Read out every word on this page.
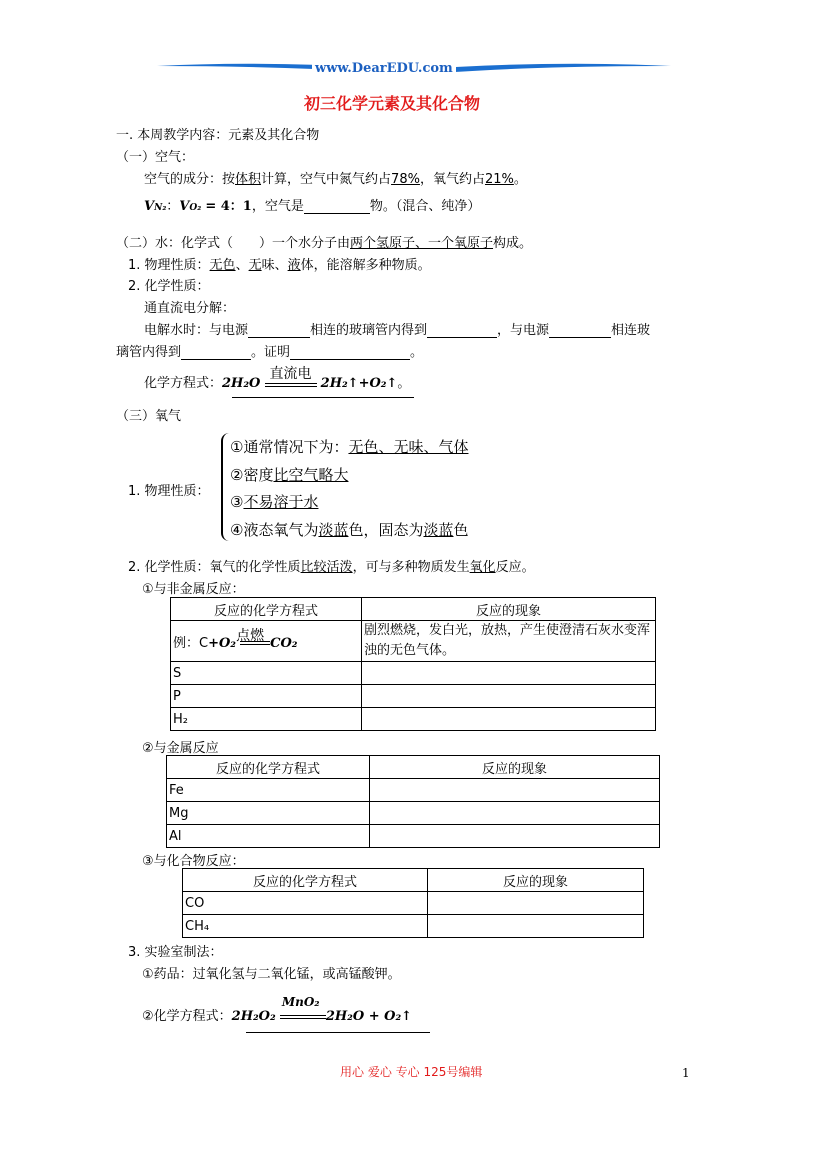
www.DearEDU.com
初三化学元素及其化合物
一. 本周教学内容：元素及其化合物
（一）空气：
空气的成分：按体积计算，空气中氮气约占78%，氧气约占21%。
VN₂：VO₂ = 4：1，空气是	物。（混合、纯净）
（二）水：化学式（　　）一个水分子由两个氢原子、一个氧原子构成。
1. 物理性质：无色、无味、液体，能溶解多种物质。
2. 化学性质：
通直流电分解：
电解水时：与电源	相连的玻璃管内得到	，与电源	相连玻
璃管内得到	。证明	。
化学方程式：2H₂O
直流电
2H₂↑+O₂↑。
（三）氧气
1. 物理性质：
①通常情况下为：无色、无味、气体
②密度比空气略大
③不易溶于水
④液态氧气为淡蓝色，固态为淡蓝色
2. 化学性质：氧气的化学性质比较活泼，可与多种物质发生氧化反应。
①与非金属反应：
反应的化学方程式	反应的现象
例：C+O₂ 点燃 CO₂	剧烈燃烧，发白光，放热，产生使澄清石灰水变浑浊的无色气体。
S	
P	
H₂	
②与金属反应
反应的化学方程式	反应的现象
Fe	
Mg	
Al	
③与化合物反应：
反应的化学方程式	反应的现象
CO	
CH₄	
3. 实验室制法：
①药品：过氧化氢与二氧化锰，或高锰酸钾。
②化学方程式：2H₂O₂
MnO₂
2H₂O + O₂↑
用心 爱心 专心 125号编辑	1
